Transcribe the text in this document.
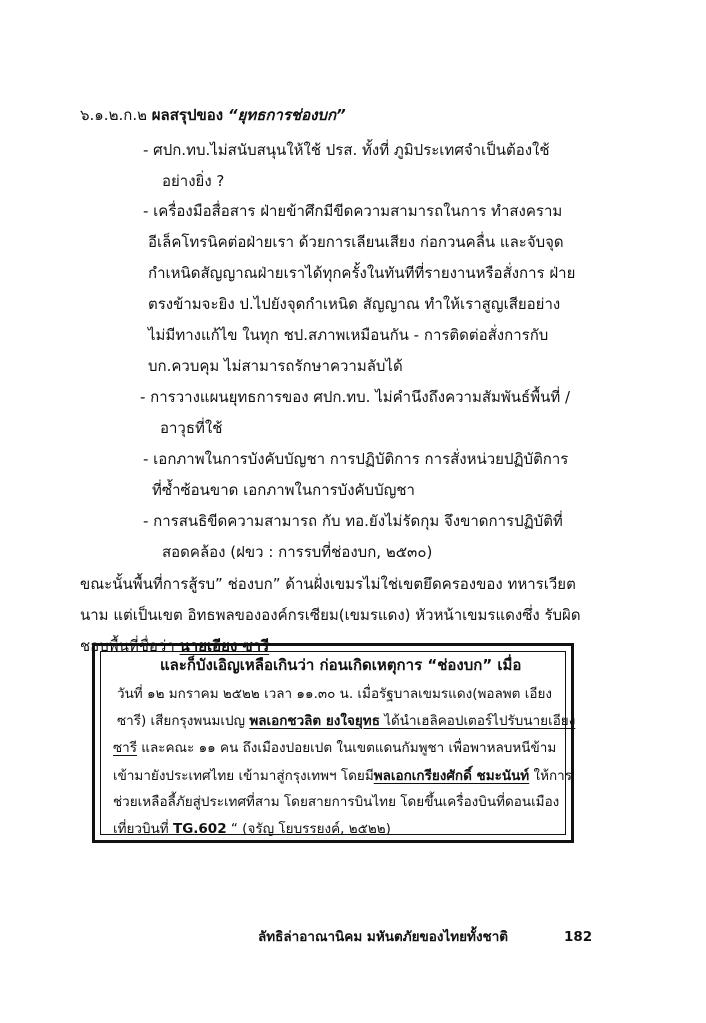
๖.๑.๒.ก.๒ ผลสรุปของ “ยุทธการช่องบก”
- ศปก.ทบ.ไม่สนับสนุนให้ใช้ ปรส. ทั้งที่ ภูมิประเทศจำเป็นต้องใช้
อย่างยิ่ง ?
- เครื่องมือสื่อสาร ฝ่ายข้าศึกมีขีดความสามารถในการ ทำสงคราม
อีเล็คโทรนิคต่อฝ่ายเรา ด้วยการเลียนเสียง ก่อกวนคลื่น และจับจุด
กำเหนิดสัญญาณฝ่ายเราได้ทุกครั้งในทันทีที่รายงานหรือสั่งการ ฝ่าย
ตรงข้ามจะยิง ป.ไปยังจุดกำเหนิด สัญญาณ ทำให้เราสูญเสียอย่าง
ไม่มีทางแก้ไข ในทุก ชป.สภาพเหมือนกัน - การติดต่อสั่งการกับ
บก.ควบคุม ไม่สามารถรักษาความลับได้
- การวางแผนยุทธการของ ศปก.ทบ. ไม่คำนึงถึงความสัมพันธ์พื้นที่ /
อาวุธที่ใช้
- เอกภาพในการบังคับบัญชา การปฏิบัติการ การสั่งหน่วยปฏิบัติการ
ที่ซ้ำซ้อนขาด เอกภาพในการบังคับบัญชา
- การสนธิขีดความสามารถ กับ ทอ.ยังไม่รัดกุม จึงขาดการปฏิบัติที่
สอดคล้อง (ฝขว : การรบที่ช่องบก, ๒๕๓๐)
ขณะนั้นพื้นที่การสู้รบ” ช่องบก” ด้านฝั่งเขมรไม่ใช่เขตยึดครองของ ทหารเวียต
นาม แต่เป็นเขต อิทธพลขององค์กรเซียม(เขมรแดง) หัวหน้าเขมรแดงซึ่ง รับผิด
ชอบพื้นที่ชื่อว่า นายเอียง ซารี
และก็บังเอิญเหลือเกินว่า ก่อนเกิดเหตุการ “ช่องบก” เมื่อ
วันที่ ๑๒ มกราคม ๒๕๒๒ เวลา ๑๑.๓๐ น. เมื่อรัฐบาลเขมรแดง(พอลพต เอียง
ซารี) เสียกรุงพนมเปญ พลเอกชวลิต ยงใจยุทธ ได้นำเฮลิคอปเตอร์ไปรับนายเอียง
ซารี และคณะ ๑๑ คน ถึงเมืองปอยเปต ในเขตแดนกัมพูชา เพื่อพาหลบหนีข้าม
เข้ามายังประเทศไทย เข้ามาสู่กรุงเทพฯ โดยมีพลเอกเกรียงศักดิ์ ชมะนันท์ ให้การ
ช่วยเหลือลี้ภัยสู่ประเทศที่สาม โดยสายการบินไทย โดยขึ้นเครื่องบินที่ดอนเมือง
เที่ยวบินที่ TG.602 “ (จรัญ โยบรรยงค์, ๒๕๒๒)
ลัทธิล่าอาณานิคม มหันตภัยของไทยทั้งชาติ	182
